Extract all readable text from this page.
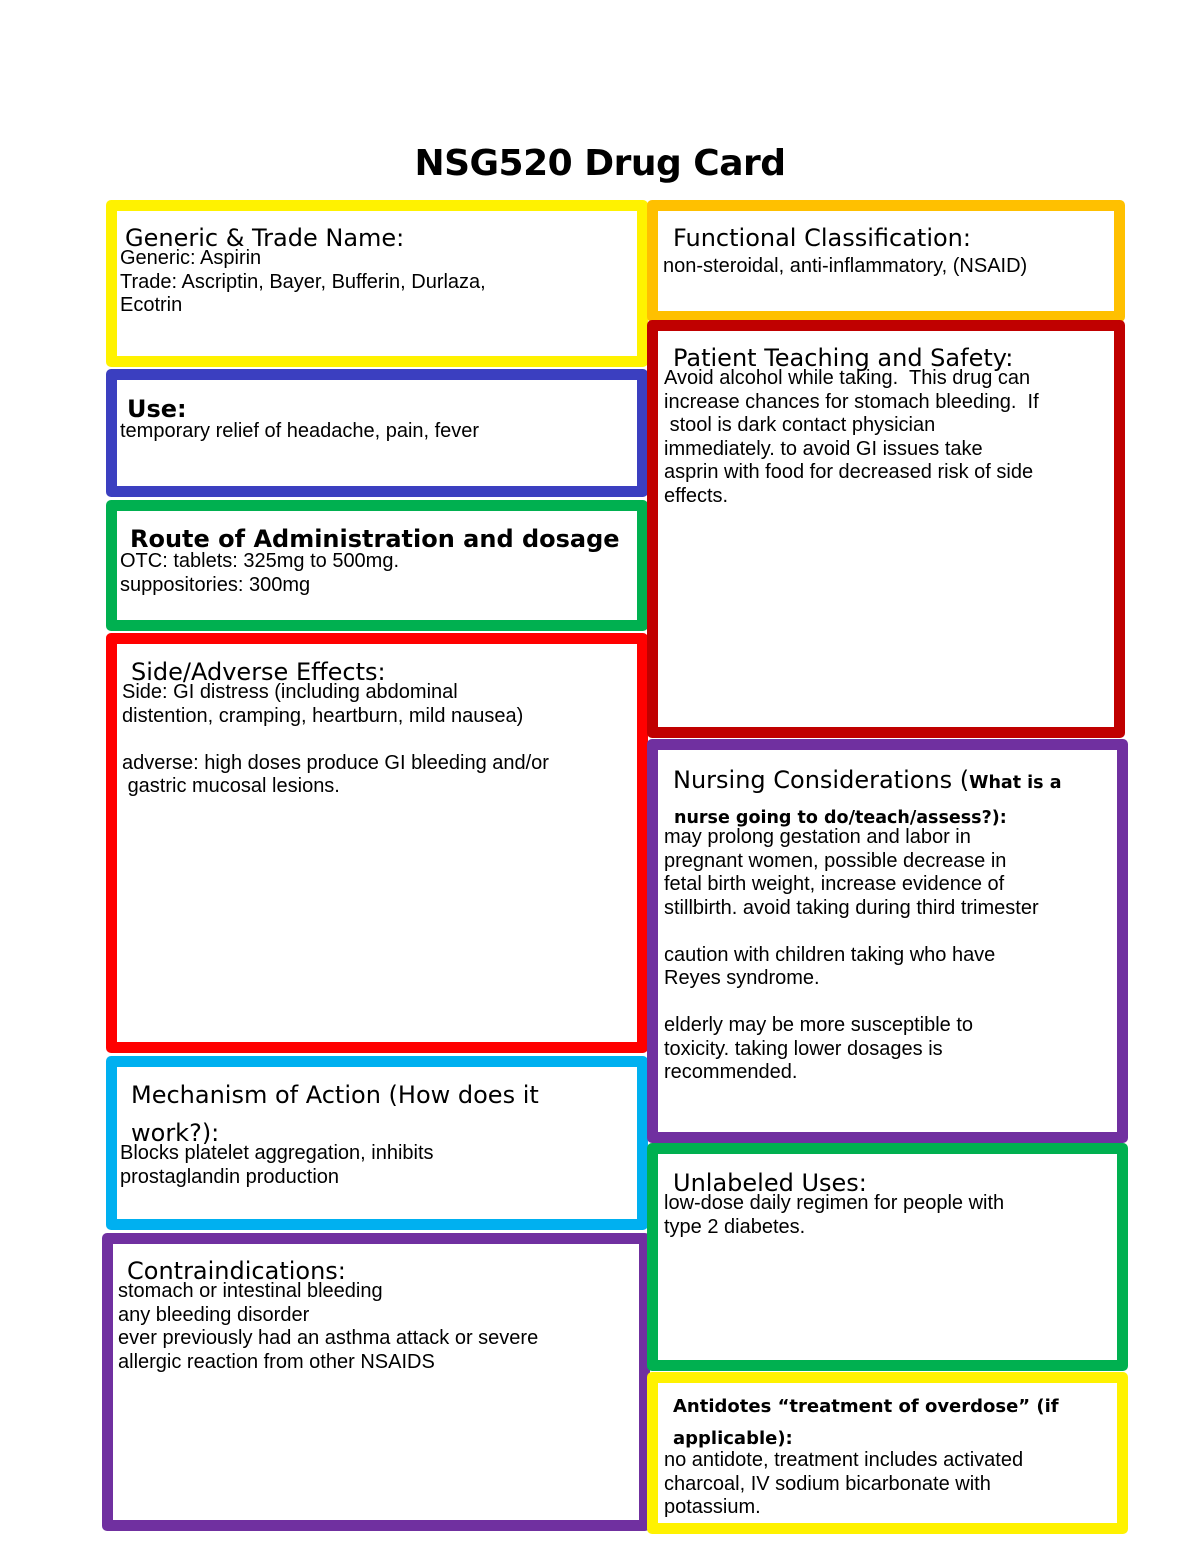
NSG520 Drug Card
Generic & Trade Name:
Generic: Aspirin
Trade: Ascriptin, Bayer, Bufferin, Durlaza,
Ecotrin
Use:
temporary relief of headache, pain, fever
Route of Administration and dosage
OTC: tablets: 325mg to 500mg.
suppositories: 300mg
Side/Adverse Effects:
Side: GI distress (including abdominal
distention, cramping, heartburn, mild nausea)

adverse: high doses produce GI bleeding and/or
gastric mucosal lesions.
Mechanism of Action (How does it work?):
Blocks platelet aggregation, inhibits
prostaglandin production
Contraindications:
stomach or intestinal bleeding
any bleeding disorder
ever previously had an asthma attack or severe
allergic reaction from other NSAIDS
Functional Classification:
non-steroidal, anti-inflammatory, (NSAID)
Patient Teaching and Safety:
Avoid alcohol while taking.  This drug can
increase chances for stomach bleeding.  If
stool is dark contact physician
immediately. to avoid GI issues take
asprin with food for decreased risk of side
effects.
Nursing Considerations (What is a
nurse going to do/teach/assess?):
may prolong gestation and labor in
pregnant women, possible decrease in
fetal birth weight, increase evidence of
stillbirth. avoid taking during third trimester

caution with children taking who have
Reyes syndrome.

elderly may be more susceptible to
toxicity. taking lower dosages is
recommended.
Unlabeled Uses:
low-dose daily regimen for people with
type 2 diabetes.
Antidotes “treatment of overdose” (if
applicable):
no antidote, treatment includes activated
charcoal, IV sodium bicarbonate with
potassium.
